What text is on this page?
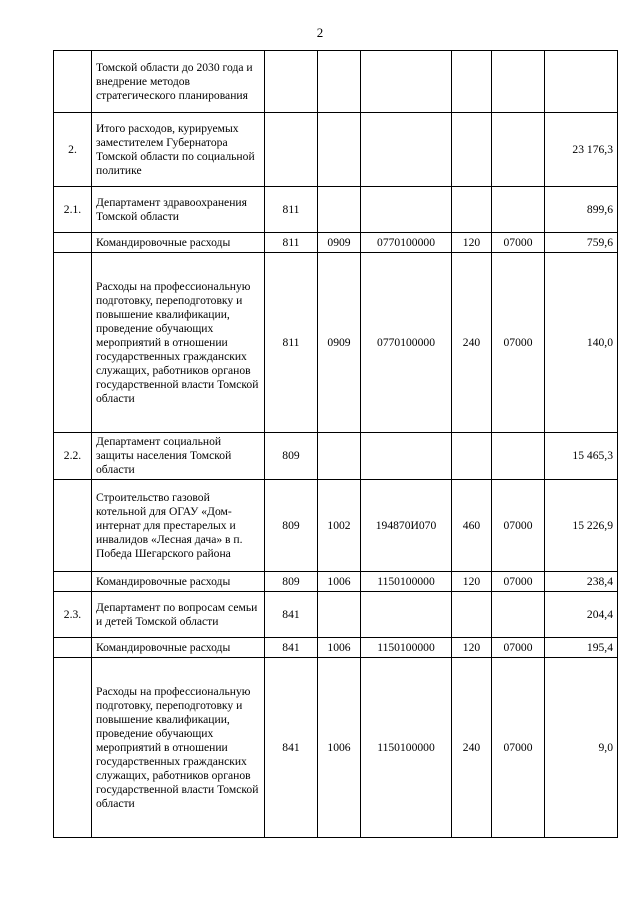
2
	Томской области до 2030 года и внедрение методов стратегического планирования						
2.	Итого расходов, курируемых заместителем Губернатора Томской области по социальной политике						23 176,3
2.1.	Департамент здравоохранения Томской области	811					899,6
	Командировочные расходы	811	0909	0770100000	120	07000	759,6
	Расходы на профессиональную подготовку, переподготовку и повышение квалификации, проведение обучающих мероприятий в отношении государственных гражданских служащих, работников органов государственной власти Томской области	811	0909	0770100000	240	07000	140,0
2.2.	Департамент социальной защиты населения Томской области	809					15 465,3
	Строительство газовой котельной для ОГАУ «Дом-интернат для престарелых и инвалидов «Лесная дача» в п. Победа Шегарского района	809	1002	194870И070	460	07000	15 226,9
	Командировочные расходы	809	1006	1150100000	120	07000	238,4
2.3.	Департамент по вопросам семьи и детей Томской области	841					204,4
	Командировочные расходы	841	1006	1150100000	120	07000	195,4
	Расходы на профессиональную подготовку, переподготовку и повышение квалификации, проведение обучающих мероприятий в отношении государственных гражданских служащих, работников органов государственной власти Томской области	841	1006	1150100000	240	07000	9,0
